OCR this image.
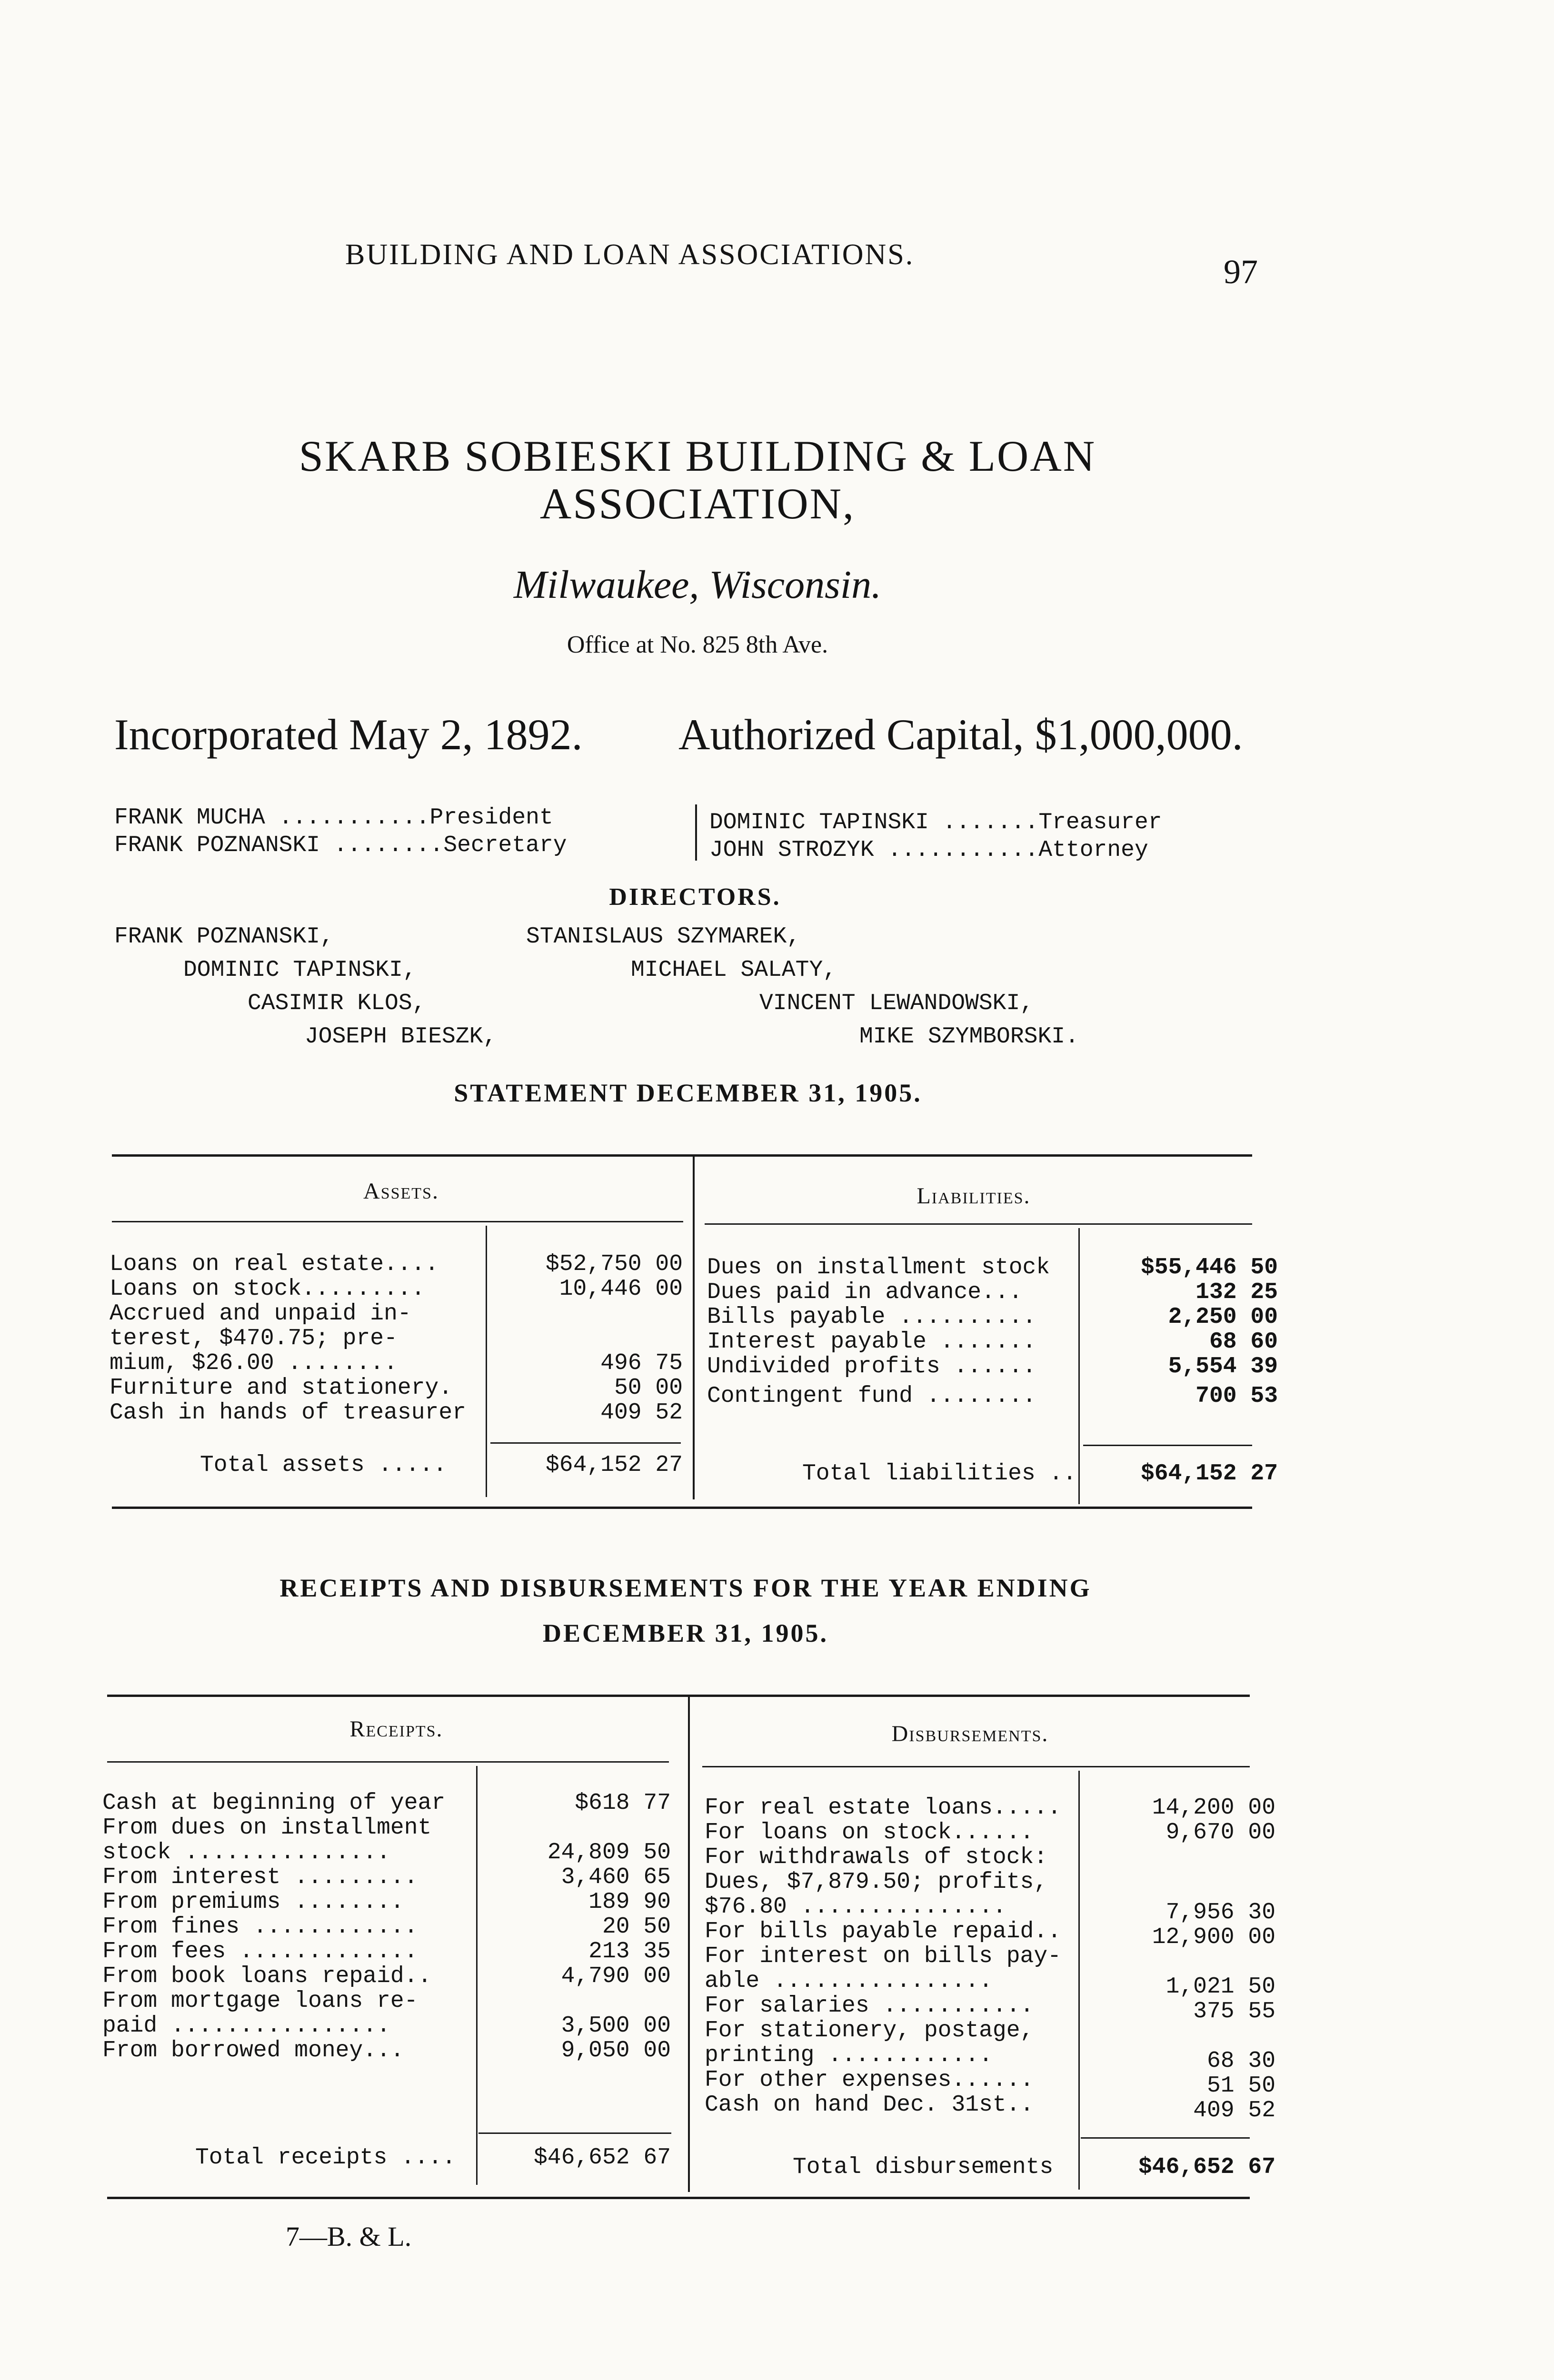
BUILDING AND LOAN ASSOCIATIONS.	97
SKARB SOBIESKI BUILDING & LOAN
ASSOCIATION,
Milwaukee, Wisconsin.
Office at No. 825 8th Ave.
Incorporated May 2, 1892. Authorized Capital, $1,000,000.
FRANK MUCHA ...........President
FRANK POZNANSKI ........Secretary
DOMINIC TAPINSKI .......Treasurer
JOHN STROZYK ...........Attorney
DIRECTORS.
FRANK POZNANSKI,	STANISLAUS SZYMAREK,
DOMINIC TAPINSKI,	MICHAEL SALATY,
CASIMIR KLOS,	VINCENT LEWANDOWSKI,
JOSEPH BIESZK,	MIKE SZYMBORSKI.
STATEMENT DECEMBER 31, 1905.
Assets.	Liabilities.
Loans on real estate....	$52,750 00
Loans on stock.........	10,446 00
Accrued and unpaid in-
terest, $470.75; pre-
mium, $26.00 ........	496 75
Furniture and stationery.	50 00
Cash in hands of treasurer	409 52
Total assets .....	$64,152 27
Dues on installment stock	$55,446 50
Dues paid in advance...	132 25
Bills payable ..........	2,250 00
Interest payable .......	68 60
Undivided profits ......	5,554 39
Contingent fund ........	700 53
Total liabilities ..	$64,152 27
RECEIPTS AND DISBURSEMENTS FOR THE YEAR ENDING
DECEMBER 31, 1905.
Receipts.	Disbursements.
Cash at beginning of year	$618 77
From dues on installment
stock ...............	24,809 50
From interest .........	3,460 65
From premiums ........	189 90
From fines ............	20 50
From fees .............	213 35
From book loans repaid..	4,790 00
From mortgage loans re-
paid ................	3,500 00
From borrowed money...	9,050 00
Total receipts ....	$46,652 67
For real estate loans.....	14,200 00
For loans on stock......	9,670 00
For withdrawals of stock:
Dues, $7,879.50; profits,
$76.80 ...............	7,956 30
For bills payable repaid..	12,900 00
For interest on bills pay-
able ................	1,021 50
For salaries ...........	375 55
For stationery, postage,
printing ............	68 30
For other expenses......	51 50
Cash on hand Dec. 31st..	409 52
Total disbursements	$46,652 67
7—B. & L.
